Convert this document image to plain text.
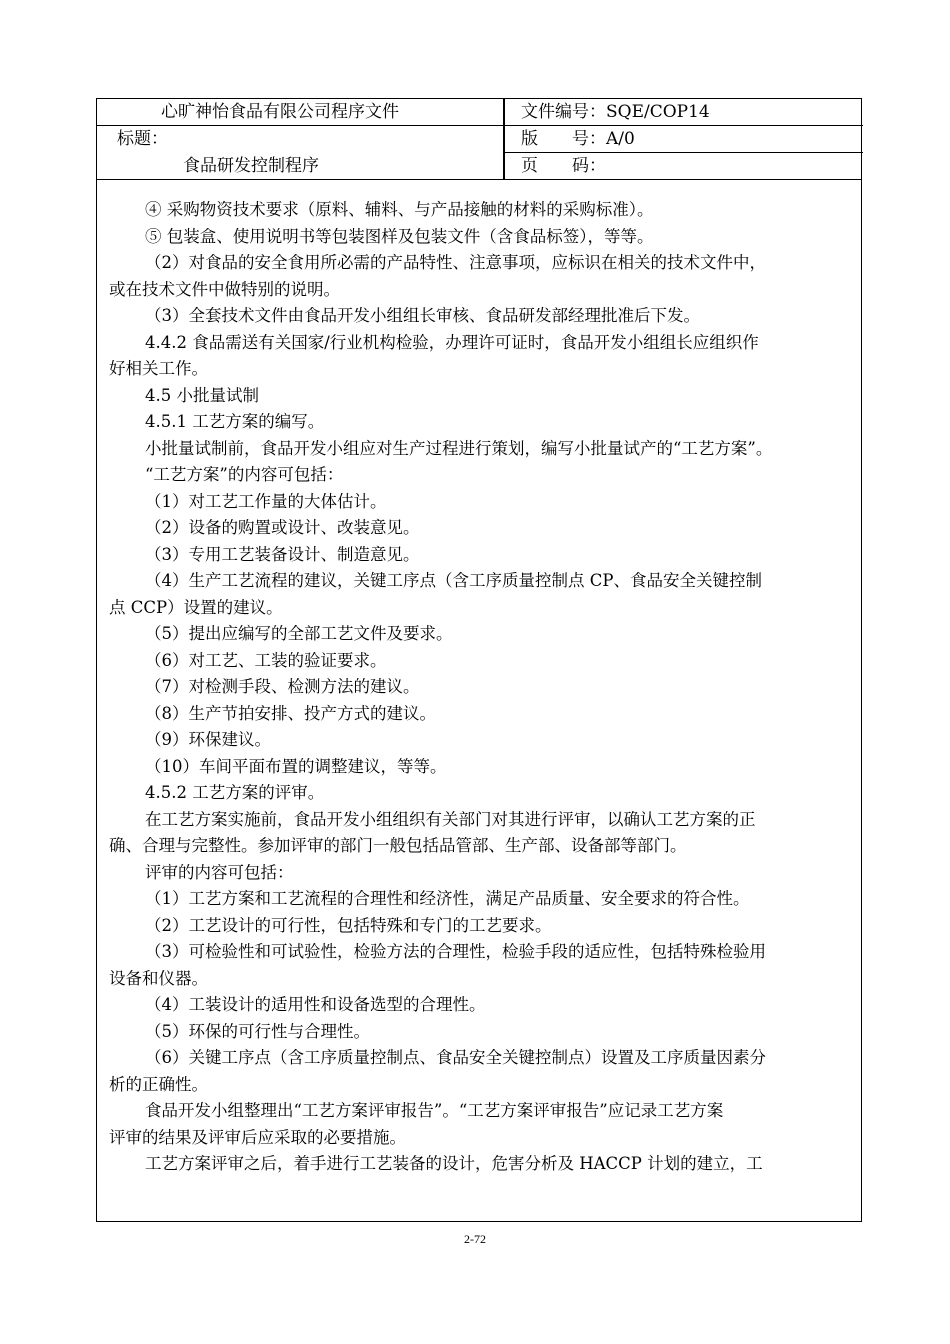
心旷神怡食品有限公司程序文件	文件编号：SQE/COP14
标题：	版　　号：A/0
食品研发控制程序	页　　码：
④ 采购物资技术要求（原料、辅料、与产品接触的材料的采购标准）。
⑤ 包装盒、使用说明书等包装图样及包装文件（含食品标签），等等。
（2）对食品的安全食用所必需的产品特性、注意事项，应标识在相关的技术文件中，
或在技术文件中做特别的说明。
（3）全套技术文件由食品开发小组组长审核、食品研发部经理批准后下发。
4.4.2 食品需送有关国家/行业机构检验，办理许可证时，食品开发小组组长应组织作
好相关工作。
4.5 小批量试制
4.5.1 工艺方案的编写。
小批量试制前，食品开发小组应对生产过程进行策划，编写小批量试产的“工艺方案”。
“工艺方案”的内容可包括：
（1）对工艺工作量的大体估计。
（2）设备的购置或设计、改装意见。
（3）专用工艺装备设计、制造意见。
（4）生产工艺流程的建议，关键工序点（含工序质量控制点 CP、食品安全关键控制
点 CCP）设置的建议。
（5）提出应编写的全部工艺文件及要求。
（6）对工艺、工装的验证要求。
（7）对检测手段、检测方法的建议。
（8）生产节拍安排、投产方式的建议。
（9）环保建议。
（10）车间平面布置的调整建议，等等。
4.5.2 工艺方案的评审。
在工艺方案实施前，食品开发小组组织有关部门对其进行评审，以确认工艺方案的正
确、合理与完整性。参加评审的部门一般包括品管部、生产部、设备部等部门。
评审的内容可包括：
（1）工艺方案和工艺流程的合理性和经济性，满足产品质量、安全要求的符合性。
（2）工艺设计的可行性，包括特殊和专门的工艺要求。
（3）可检验性和可试验性，检验方法的合理性，检验手段的适应性，包括特殊检验用
设备和仪器。
（4）工装设计的适用性和设备选型的合理性。
（5）环保的可行性与合理性。
（6）关键工序点（含工序质量控制点、食品安全关键控制点）设置及工序质量因素分
析的正确性。
食品开发小组整理出“工艺方案评审报告”。“工艺方案评审报告”应记录工艺方案
评审的结果及评审后应采取的必要措施。
工艺方案评审之后，着手进行工艺装备的设计，危害分析及 HACCP 计划的建立，工
2-72
